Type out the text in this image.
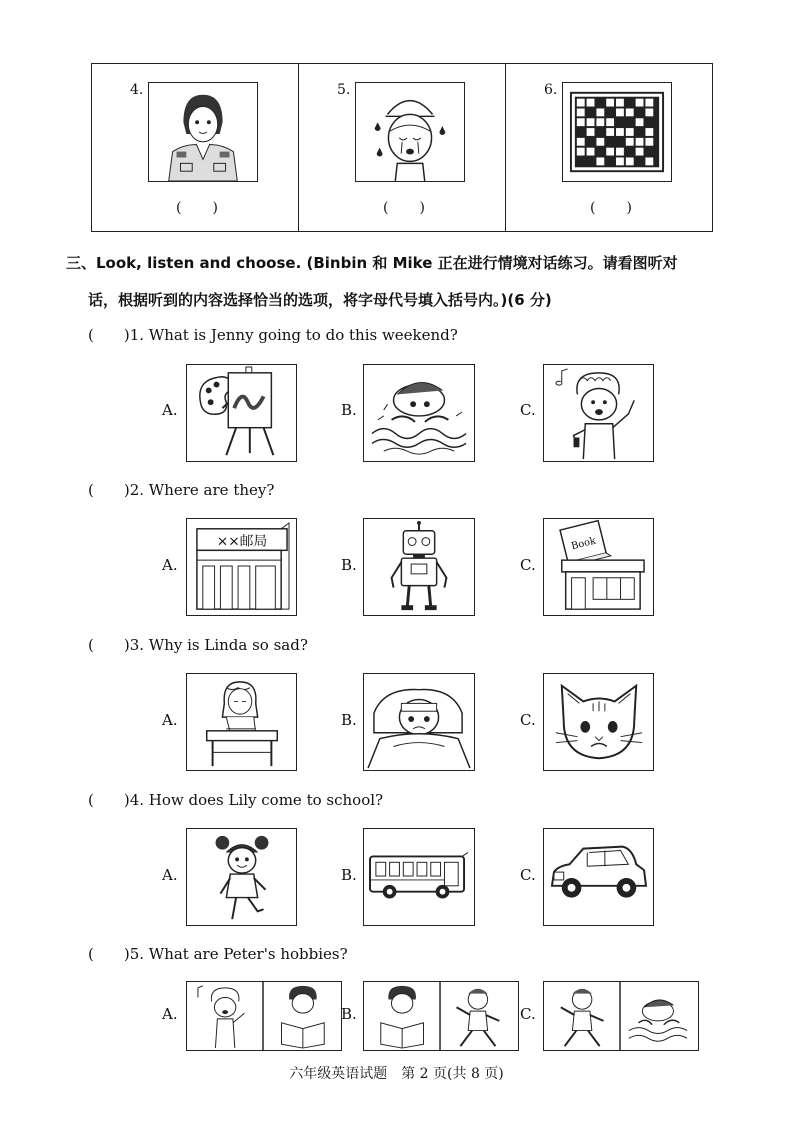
4.
(　　)
5.
(　　)
6.
(　　)
三、Look, listen and choose. (Binbin 和 Mike 正在进行情境对话练习。请看图听对
话，根据听到的内容选择恰当的选项，将字母代号填入括号内。)(6 分)
(　　)1. What is Jenny going to do this weekend?
A.	B.	C.
(　　)2. Where are they?
A.
××邮局
B.	C.
Book
(　　)3. Why is Linda so sad?
A.	B.	C.
(　　)4. How does Lily come to school?
A.	B.	C.
(　　)5. What are Peter's hobbies?
A.	B.	C.
六年级英语试题　第 2 页(共 8 页)
